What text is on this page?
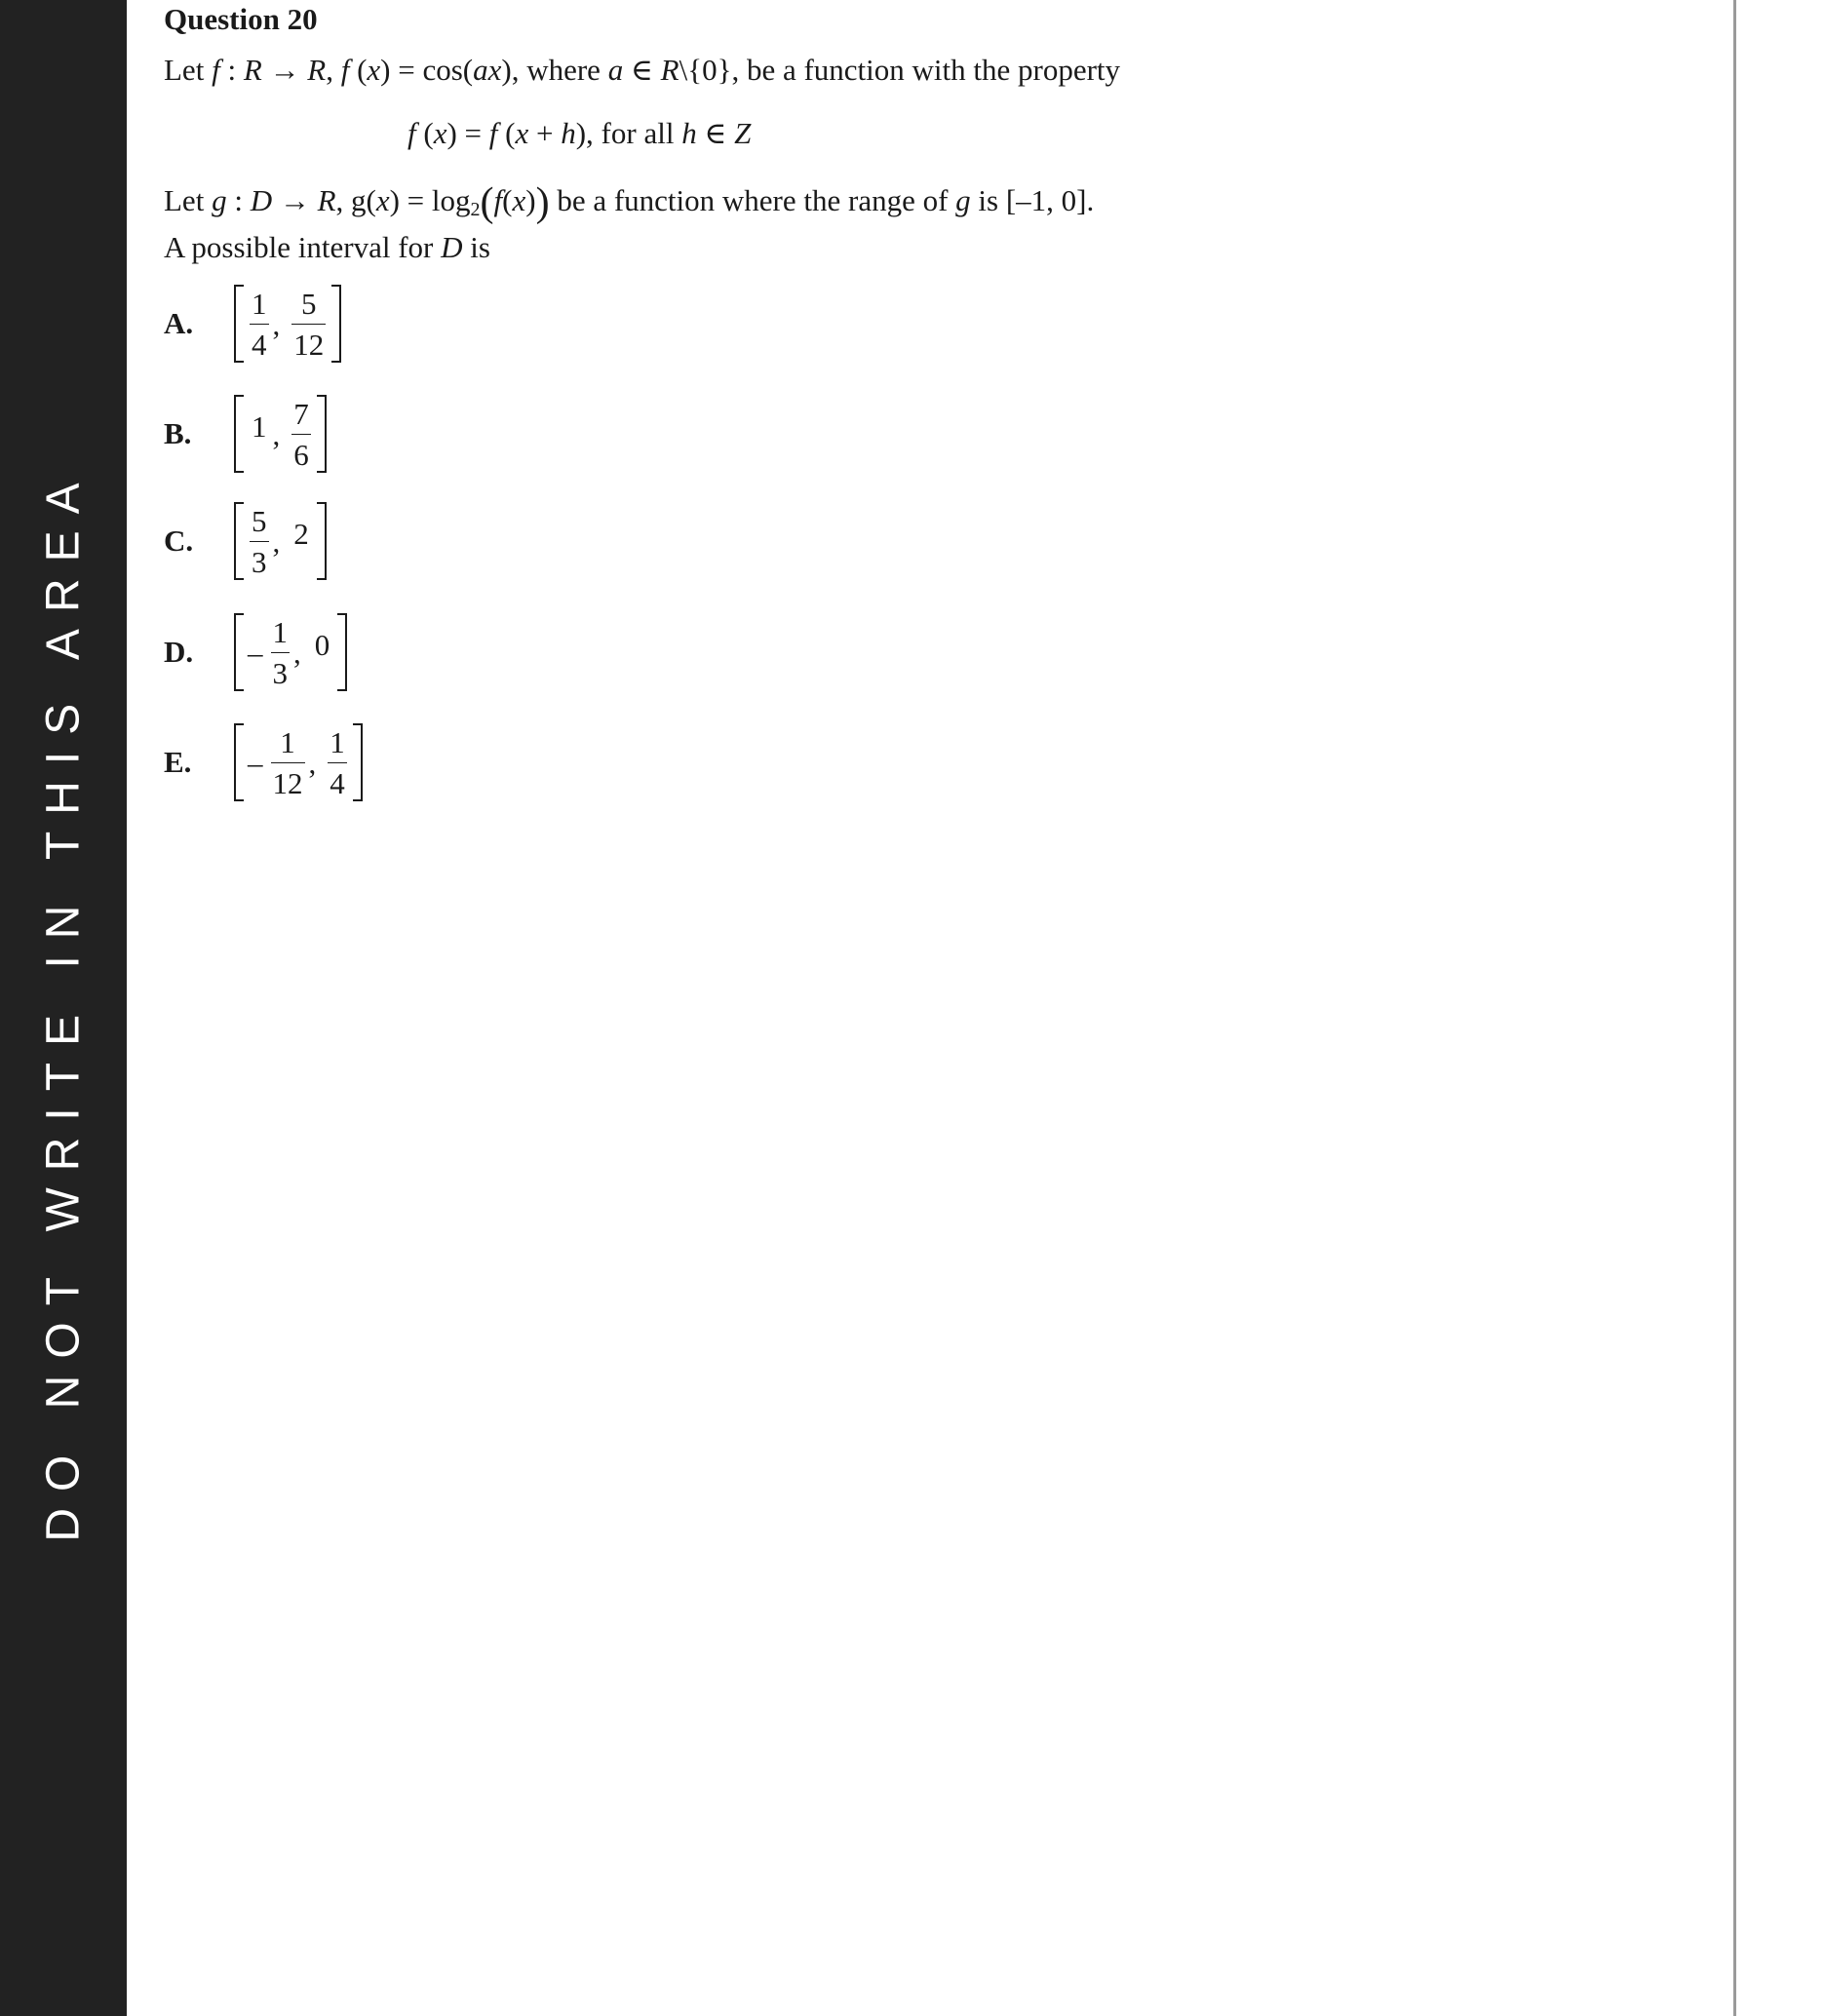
DO NOT WRITE IN THIS AREA
Question 20
Let f : R → R, f (x) = cos(ax), where a ∈ R\{0}, be a function with the property
f (x) = f (x + h), for all h ∈ Z
Let g : D → R, $g(x) = \log_2(f(x))$ be a function where the range of g is [–1, 0].
A possible interval for D is
A. $\frac{1}{4}$ , $\frac{5}{12}$
B. 1 , $\frac{7}{6}$
C. $\frac{5}{3}$ , 2
D. – $\frac{1}{3}$ , 0
E. – $\frac{1}{12}$ , $\frac{1}{4}$
